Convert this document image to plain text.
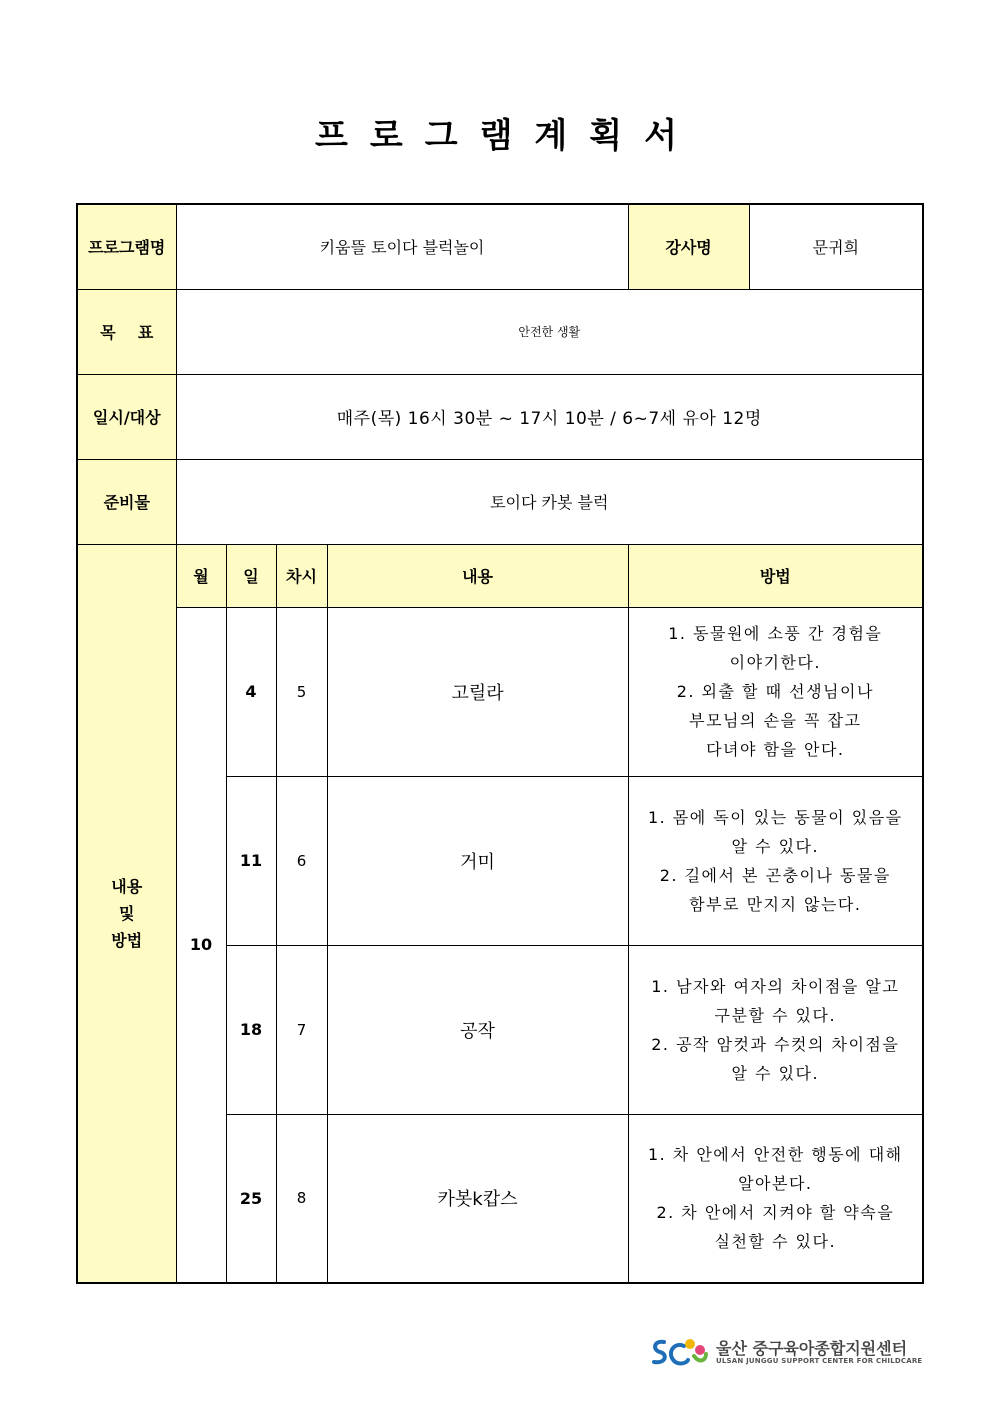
프로그램계획서
프로그램명	키움뜰 토이다 블럭놀이				강사명	문귀희
목    표	안전한 생활					
일시/대상	매주(목) 16시 30분 ~ 17시 10분 / 6~7세 유아 12명					
준비물	토이다 카봇 블럭					

내용
및
방법	월	일	차시	내용	방법	
	10	4	5	고릴라	1. 동물원에 소풍 간 경험을
이야기한다.
2. 외출 할 때 선생님이나
부모님의 손을 꼭 잡고
다녀야 함을 안다.	

		11	6	거미	1. 몸에 독이 있는 동물이 있음을
알 수 있다.
2. 길에서 본 곤충이나 동물을
함부로 만지지 않는다.	

		18	7	공작	1. 남자와 여자의 차이점을 알고
구분할 수 있다.
2. 공작 암컷과 수컷의 차이점을
알 수 있다.	

		25	8	카봇k캅스	1. 차 안에서 안전한 행동에 대해
알아본다.
2. 차 안에서 지켜야 할 약속을
실천할 수 있다.	
울산 중구육아종합지원센터
ULSAN JUNGGU SUPPORT CENTER FOR CHILDCARE
